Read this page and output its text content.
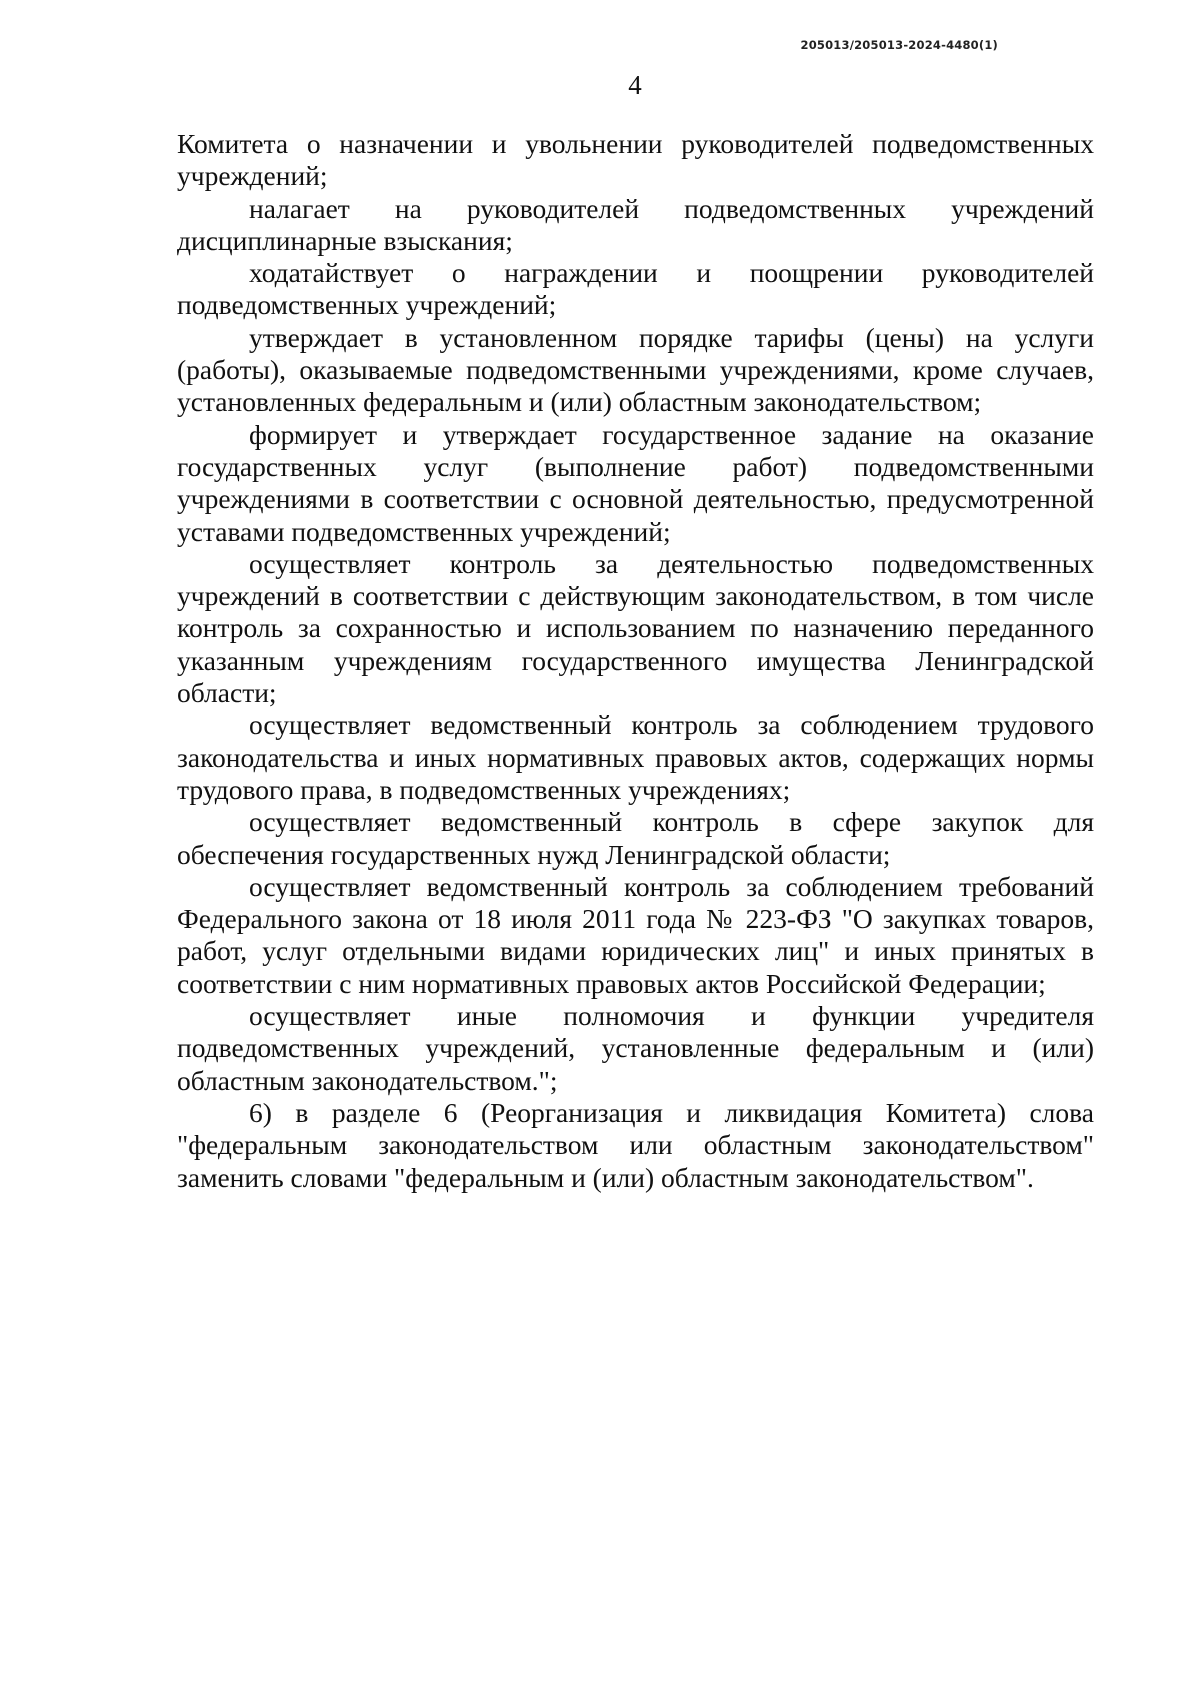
205013/205013-2024-4480(1)
4

Комитета о назначении и увольнении руководителей подведомственных учреждений;

налагает на руководителей подведомственных учреждений дисциплинарные взыскания;

ходатайствует о награждении и поощрении руководителей подведомственных учреждений;

утверждает в установленном порядке тарифы (цены) на услуги (работы), оказываемые подведомственными учреждениями, кроме случаев, установленных федеральным и (или) областным законодательством;

формирует и утверждает государственное задание на оказание государственных услуг (выполнение работ) подведомственными учреждениями в соответствии с основной деятельностью, предусмотренной уставами подведомственных учреждений;

осуществляет контроль за деятельностью подведомственных учреждений в соответствии с действующим законодательством, в том числе контроль за сохранностью и использованием по назначению переданного указанным учреждениям государственного имущества Ленинградской области;

осуществляет ведомственный контроль за соблюдением трудового законодательства и иных нормативных правовых актов, содержащих нормы трудового права, в подведомственных учреждениях;

осуществляет ведомственный контроль в сфере закупок для обеспечения государственных нужд Ленинградской области;

осуществляет ведомственный контроль за соблюдением требований Федерального закона от 18 июля 2011 года № 223-ФЗ "О закупках товаров, работ, услуг отдельными видами юридических лиц" и иных принятых в соответствии с ним нормативных правовых актов Российской Федерации;

осуществляет иные полномочия и функции учредителя подведомственных учреждений, установленные федеральным и (или) областным законодательством.";

6) в разделе 6 (Реорганизация и ликвидация Комитета) слова "федеральным законодательством или областным законодательством" заменить словами "федеральным и (или) областным законодательством".
